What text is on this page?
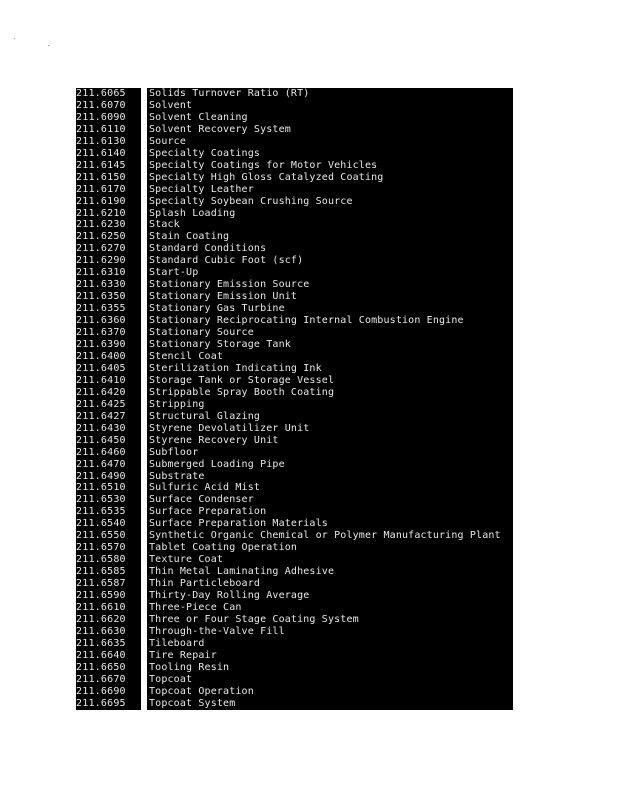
211.6065	Solids Turnover Ratio (RT)
211.6070	Solvent
211.6090	Solvent Cleaning
211.6110	Solvent Recovery System
211.6130	Source
211.6140	Specialty Coatings
211.6145	Specialty Coatings for Motor Vehicles
211.6150	Specialty High Gloss Catalyzed Coating
211.6170	Specialty Leather
211.6190	Specialty Soybean Crushing Source
211.6210	Splash Loading
211.6230	Stack
211.6250	Stain Coating
211.6270	Standard Conditions
211.6290	Standard Cubic Foot (scf)
211.6310	Start-Up
211.6330	Stationary Emission Source
211.6350	Stationary Emission Unit
211.6355	Stationary Gas Turbine
211.6360	Stationary Reciprocating Internal Combustion Engine
211.6370	Stationary Source
211.6390	Stationary Storage Tank
211.6400	Stencil Coat
211.6405	Sterilization Indicating Ink
211.6410	Storage Tank or Storage Vessel
211.6420	Strippable Spray Booth Coating
211.6425	Stripping
211.6427	Structural Glazing
211.6430	Styrene Devolatilizer Unit
211.6450	Styrene Recovery Unit
211.6460	Subfloor
211.6470	Submerged Loading Pipe
211.6490	Substrate
211.6510	Sulfuric Acid Mist
211.6530	Surface Condenser
211.6535	Surface Preparation
211.6540	Surface Preparation Materials
211.6550	Synthetic Organic Chemical or Polymer Manufacturing Plant
211.6570	Tablet Coating Operation
211.6580	Texture Coat
211.6585	Thin Metal Laminating Adhesive
211.6587	Thin Particleboard
211.6590	Thirty-Day Rolling Average
211.6610	Three-Piece Can
211.6620	Three or Four Stage Coating System
211.6630	Through-the-Valve Fill
211.6635	Tileboard
211.6640	Tire Repair
211.6650	Tooling Resin
211.6670	Topcoat
211.6690	Topcoat Operation
211.6695	Topcoat System
